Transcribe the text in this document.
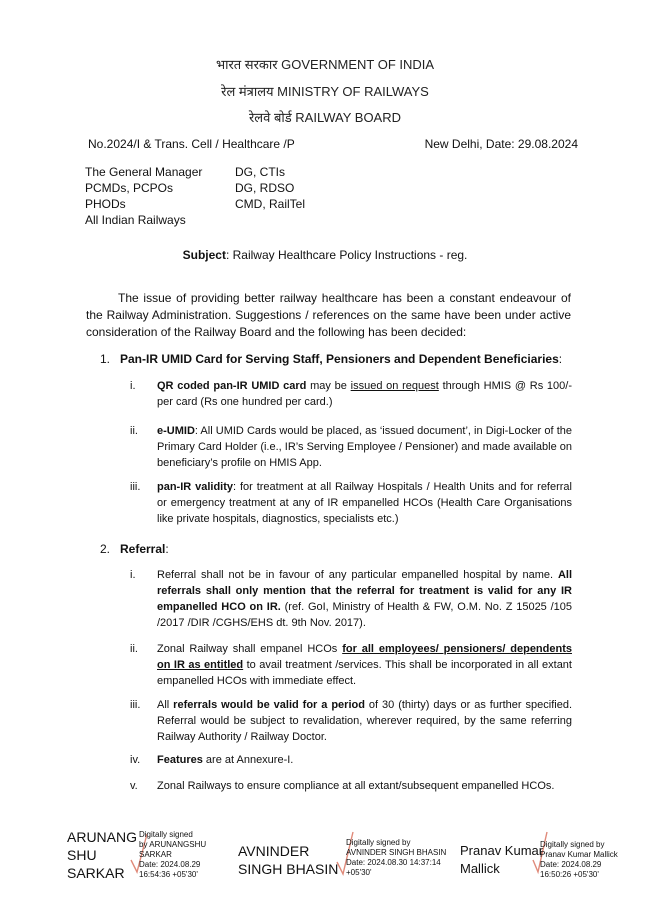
भारत सरकार GOVERNMENT OF INDIA
रेल मंत्रालय MINISTRY OF RAILWAYS
रेलवे बोर्ड RAILWAY BOARD
No.2024/I & Trans. Cell / Healthcare /P	New Delhi, Date: 29.08.2024
The General Manager
PCMDs, PCPOs
PHODs
All Indian Railways
DG, CTIs
DG, RDSO
CMD, RailTel
Subject: Railway Healthcare Policy Instructions - reg.
The issue of providing better railway healthcare has been a constant endeavour of the Railway Administration. Suggestions / references on the same have been under active consideration of the Railway Board and the following has been decided:
1. Pan-IR UMID Card for Serving Staff, Pensioners and Dependent Beneficiaries:
i.	QR coded pan-IR UMID card may be issued on request through HMIS @ Rs 100/- per card (Rs one hundred per card.)
ii.	e-UMID: All UMID Cards would be placed, as ‘issued document’, in Digi-Locker of the Primary Card Holder (i.e., IR’s Serving Employee / Pensioner) and made available on beneficiary’s profile on HMIS App.
iii.	pan-IR validity: for treatment at all Railway Hospitals / Health Units and for referral or emergency treatment at any of IR empanelled HCOs (Health Care Organisations like private hospitals, diagnostics, specialists etc.)
2. Referral:
i.	Referral shall not be in favour of any particular empanelled hospital by name. All referrals shall only mention that the referral for treatment is valid for any IR empanelled HCO on IR. (ref. GoI, Ministry of Health & FW, O.M. No. Z 15025 /105 /2017 /DIR /CGHS/EHS dt. 9th Nov. 2017).
ii.	Zonal Railway shall empanel HCOs for all employees/ pensioners/ dependents on IR as entitled to avail treatment /services. This shall be incorporated in all extant empanelled HCOs with immediate effect.
iii.	All referrals would be valid for a period of 30 (thirty) days or as further specified. Referral would be subject to revalidation, wherever required, by the same referring Railway Authority / Railway Doctor.
iv.	Features are at Annexure-I.
v.	Zonal Railways to ensure compliance at all extant/subsequent empanelled HCOs.
ARUNANG
SHU
SARKAR
Digitally signed
by ARUNANGSHU
SARKAR
Date: 2024.08.29
16:54:36 +05'30'
AVNINDER
SINGH BHASIN
Digitally signed by
AVNINDER SINGH BHASIN
Date: 2024.08.30 14:37:14
+05'30'
Pranav Kumar
Mallick
Digitally signed by
Pranav Kumar Mallick
Date: 2024.08.29
16:50:26 +05'30'
